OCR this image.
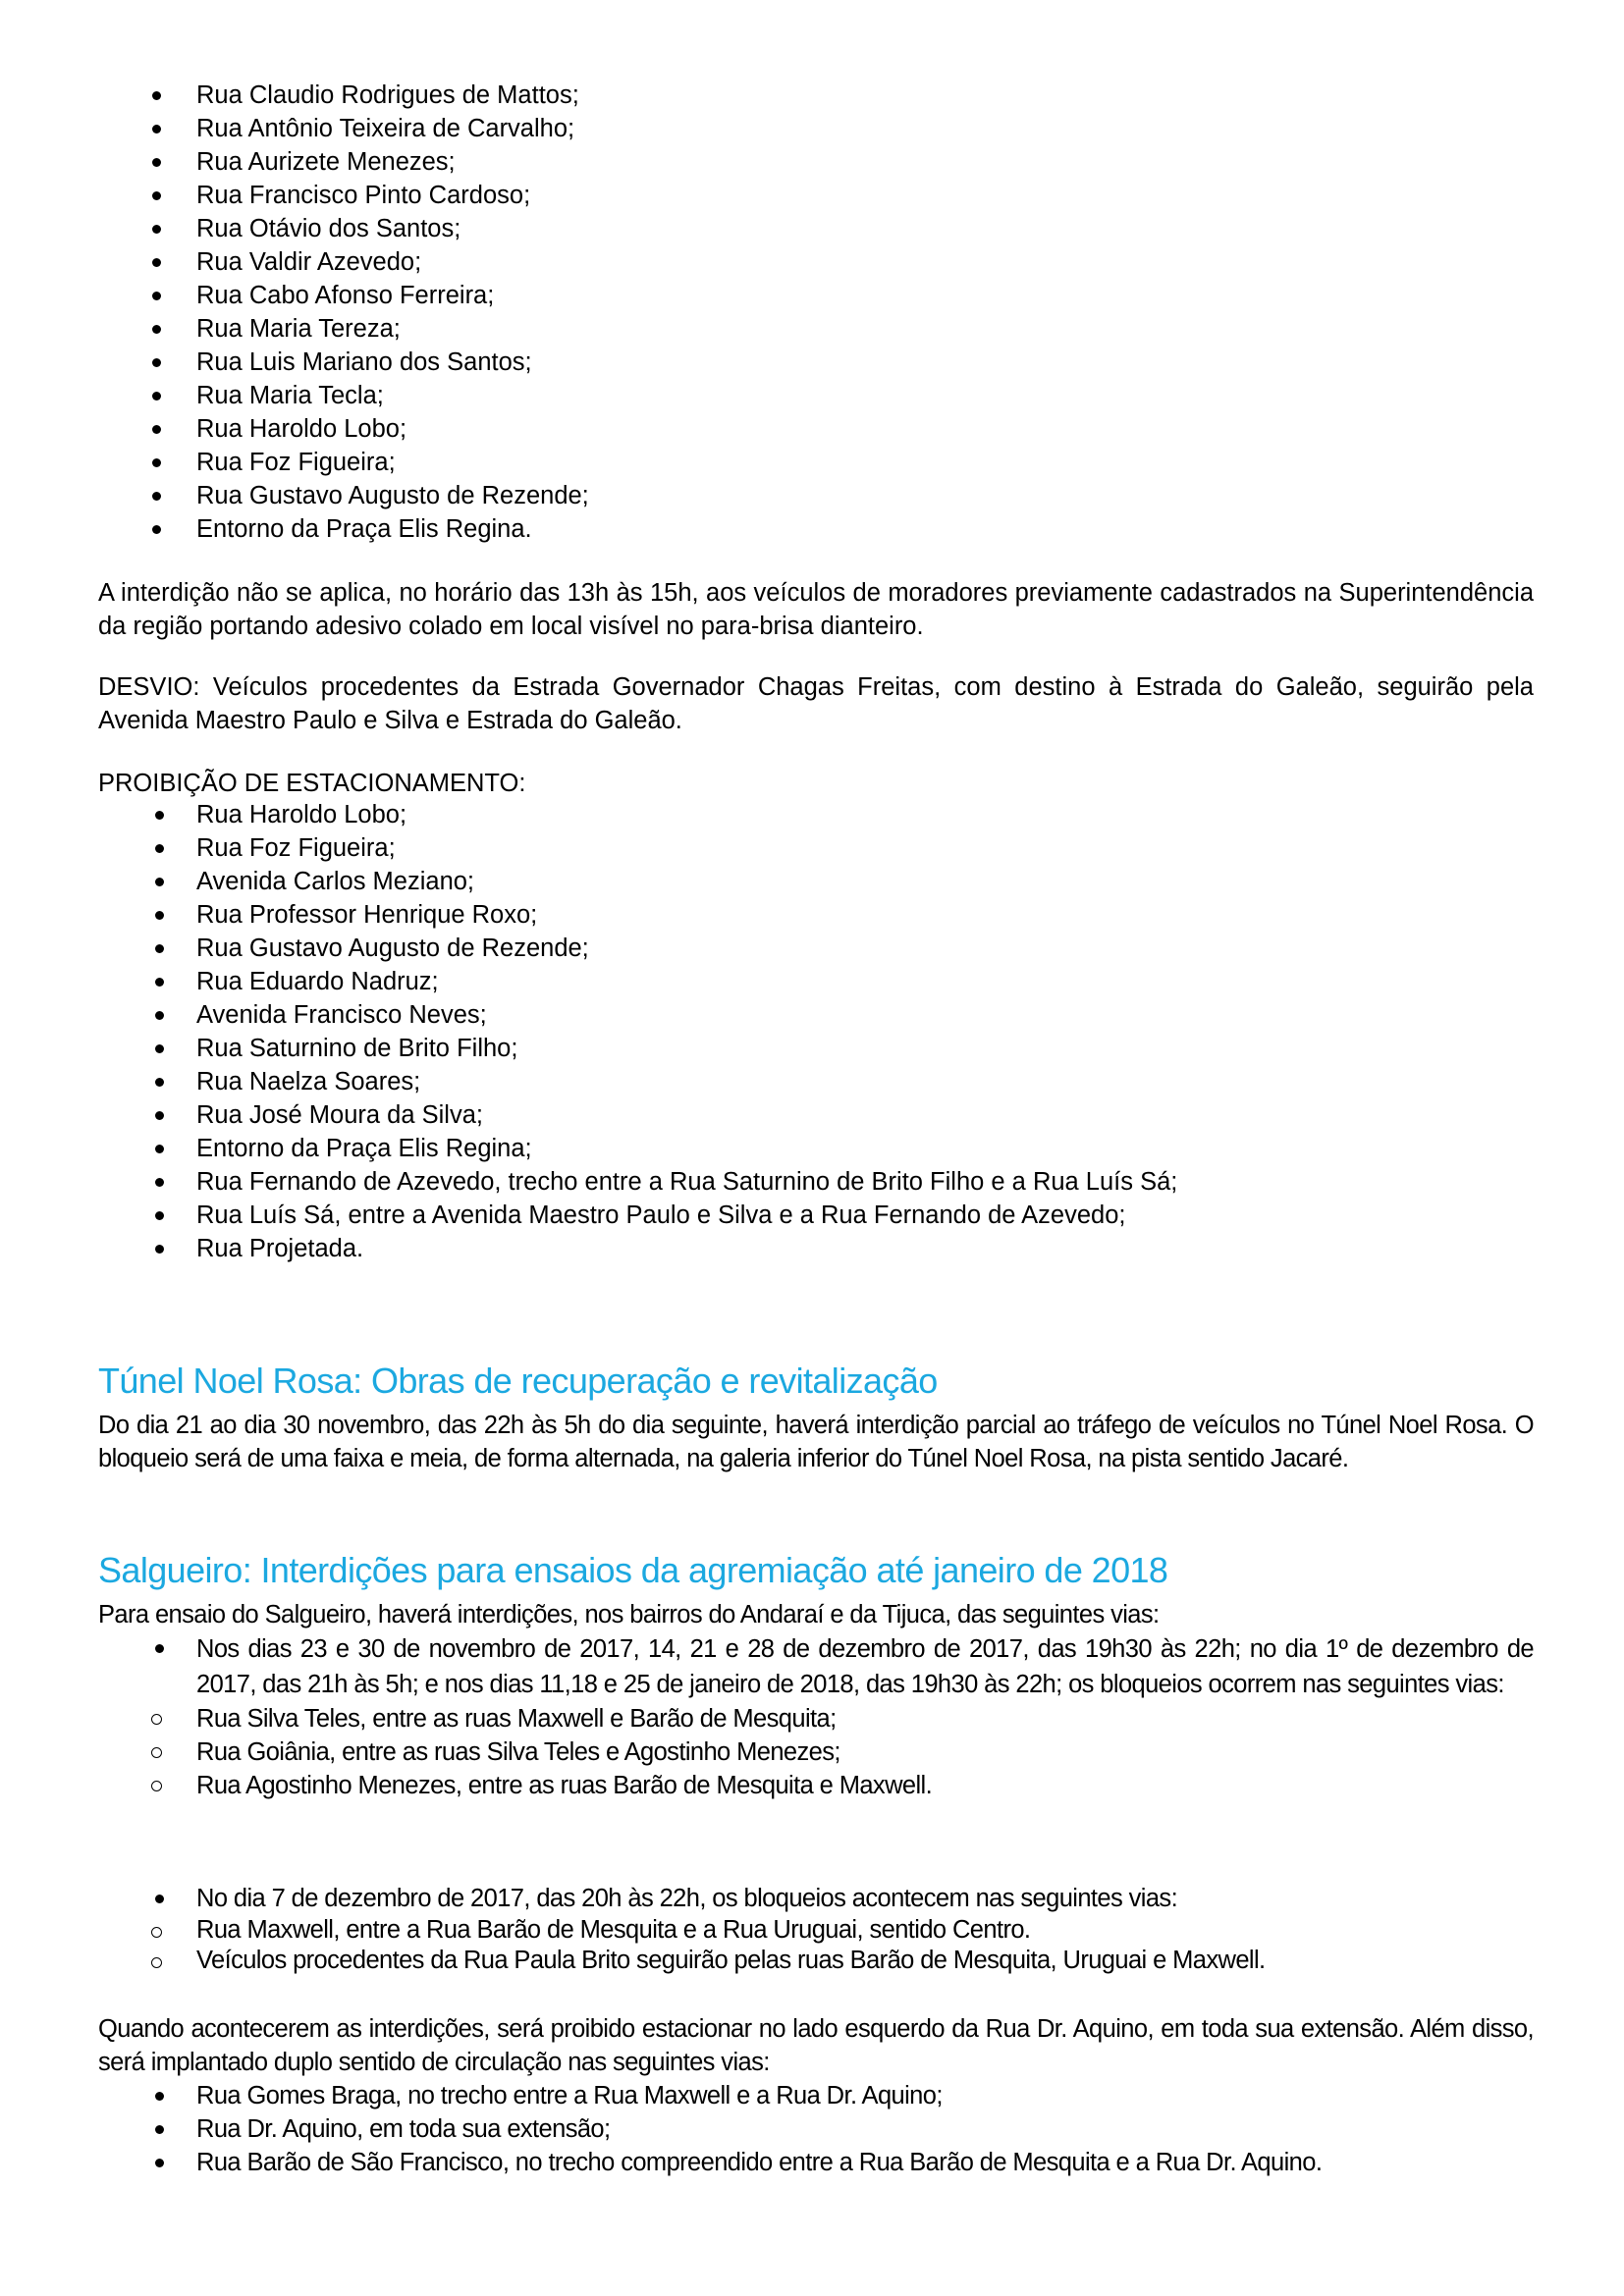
Rua Claudio Rodrigues de Mattos;
Rua Antônio Teixeira de Carvalho;
Rua Aurizete Menezes;
Rua Francisco Pinto Cardoso;
Rua Otávio dos Santos;
Rua Valdir Azevedo;
Rua Cabo Afonso Ferreira;
Rua Maria Tereza;
Rua Luis Mariano dos Santos;
Rua Maria Tecla;
Rua Haroldo Lobo;
Rua Foz Figueira;
Rua Gustavo Augusto de Rezende;
Entorno da Praça Elis Regina.

A interdição não se aplica, no horário das 13h às 15h, aos veículos de moradores previamente cadastrados na Superintendência da região portando adesivo colado em local visível no para-brisa dianteiro.

DESVIO: Veículos procedentes da Estrada Governador Chagas Freitas, com destino à Estrada do Galeão, seguirão pela Avenida Maestro Paulo e Silva e Estrada do Galeão.

PROIBIÇÃO DE ESTACIONAMENTO:

Rua Haroldo Lobo;
Rua Foz Figueira;
Avenida Carlos Meziano;
Rua Professor Henrique Roxo;
Rua Gustavo Augusto de Rezende;
Rua Eduardo Nadruz;
Avenida Francisco Neves;
Rua Saturnino de Brito Filho;
Rua Naelza Soares;
Rua José Moura da Silva;
Entorno da Praça Elis Regina;
Rua Fernando de Azevedo, trecho entre a Rua Saturnino de Brito Filho e a Rua Luís Sá;
Rua Luís Sá, entre a Avenida Maestro Paulo e Silva e a Rua Fernando de Azevedo;
Rua Projetada.
Túnel Noel Rosa: Obras de recuperação e revitalização

Do dia 21 ao dia 30 novembro, das 22h às 5h do dia seguinte, haverá interdição parcial ao tráfego de veículos no Túnel Noel Rosa. O bloqueio será de uma faixa e meia, de forma alternada, na galeria inferior do Túnel Noel Rosa, na pista sentido Jacaré.

Salgueiro: Interdições para ensaios da agremiação até janeiro de 2018

Para ensaio do Salgueiro, haverá interdições, nos bairros do Andaraí e da Tijuca, das seguintes vias:

Nos dias 23 e 30 de novembro de 2017, 14, 21 e 28 de dezembro de 2017, das 19h30 às 22h; no dia 1º de dezembro de 2017, das 21h às 5h; e nos dias 11,18 e 25 de janeiro de 2018, das 19h30 às 22h; os bloqueios ocorrem nas seguintes vias:
Rua Silva Teles, entre as ruas Maxwell e Barão de Mesquita;
Rua Goiânia, entre as ruas Silva Teles e Agostinho Menezes;
Rua Agostinho Menezes, entre as ruas Barão de Mesquita e Maxwell.
No dia 7 de dezembro de 2017, das 20h às 22h, os bloqueios acontecem nas seguintes vias:
Rua Maxwell, entre a Rua Barão de Mesquita e a Rua Uruguai, sentido Centro.
Veículos procedentes da Rua Paula Brito seguirão pelas ruas Barão de Mesquita, Uruguai e Maxwell.

Quando acontecerem as interdições, será proibido estacionar no lado esquerdo da Rua Dr. Aquino, em toda sua extensão. Além disso, será implantado duplo sentido de circulação nas seguintes vias:

Rua Gomes Braga, no trecho entre a Rua Maxwell e a Rua Dr. Aquino;
Rua Dr. Aquino, em toda sua extensão;
Rua Barão de São Francisco, no trecho compreendido entre a Rua Barão de Mesquita e a Rua Dr. Aquino.
